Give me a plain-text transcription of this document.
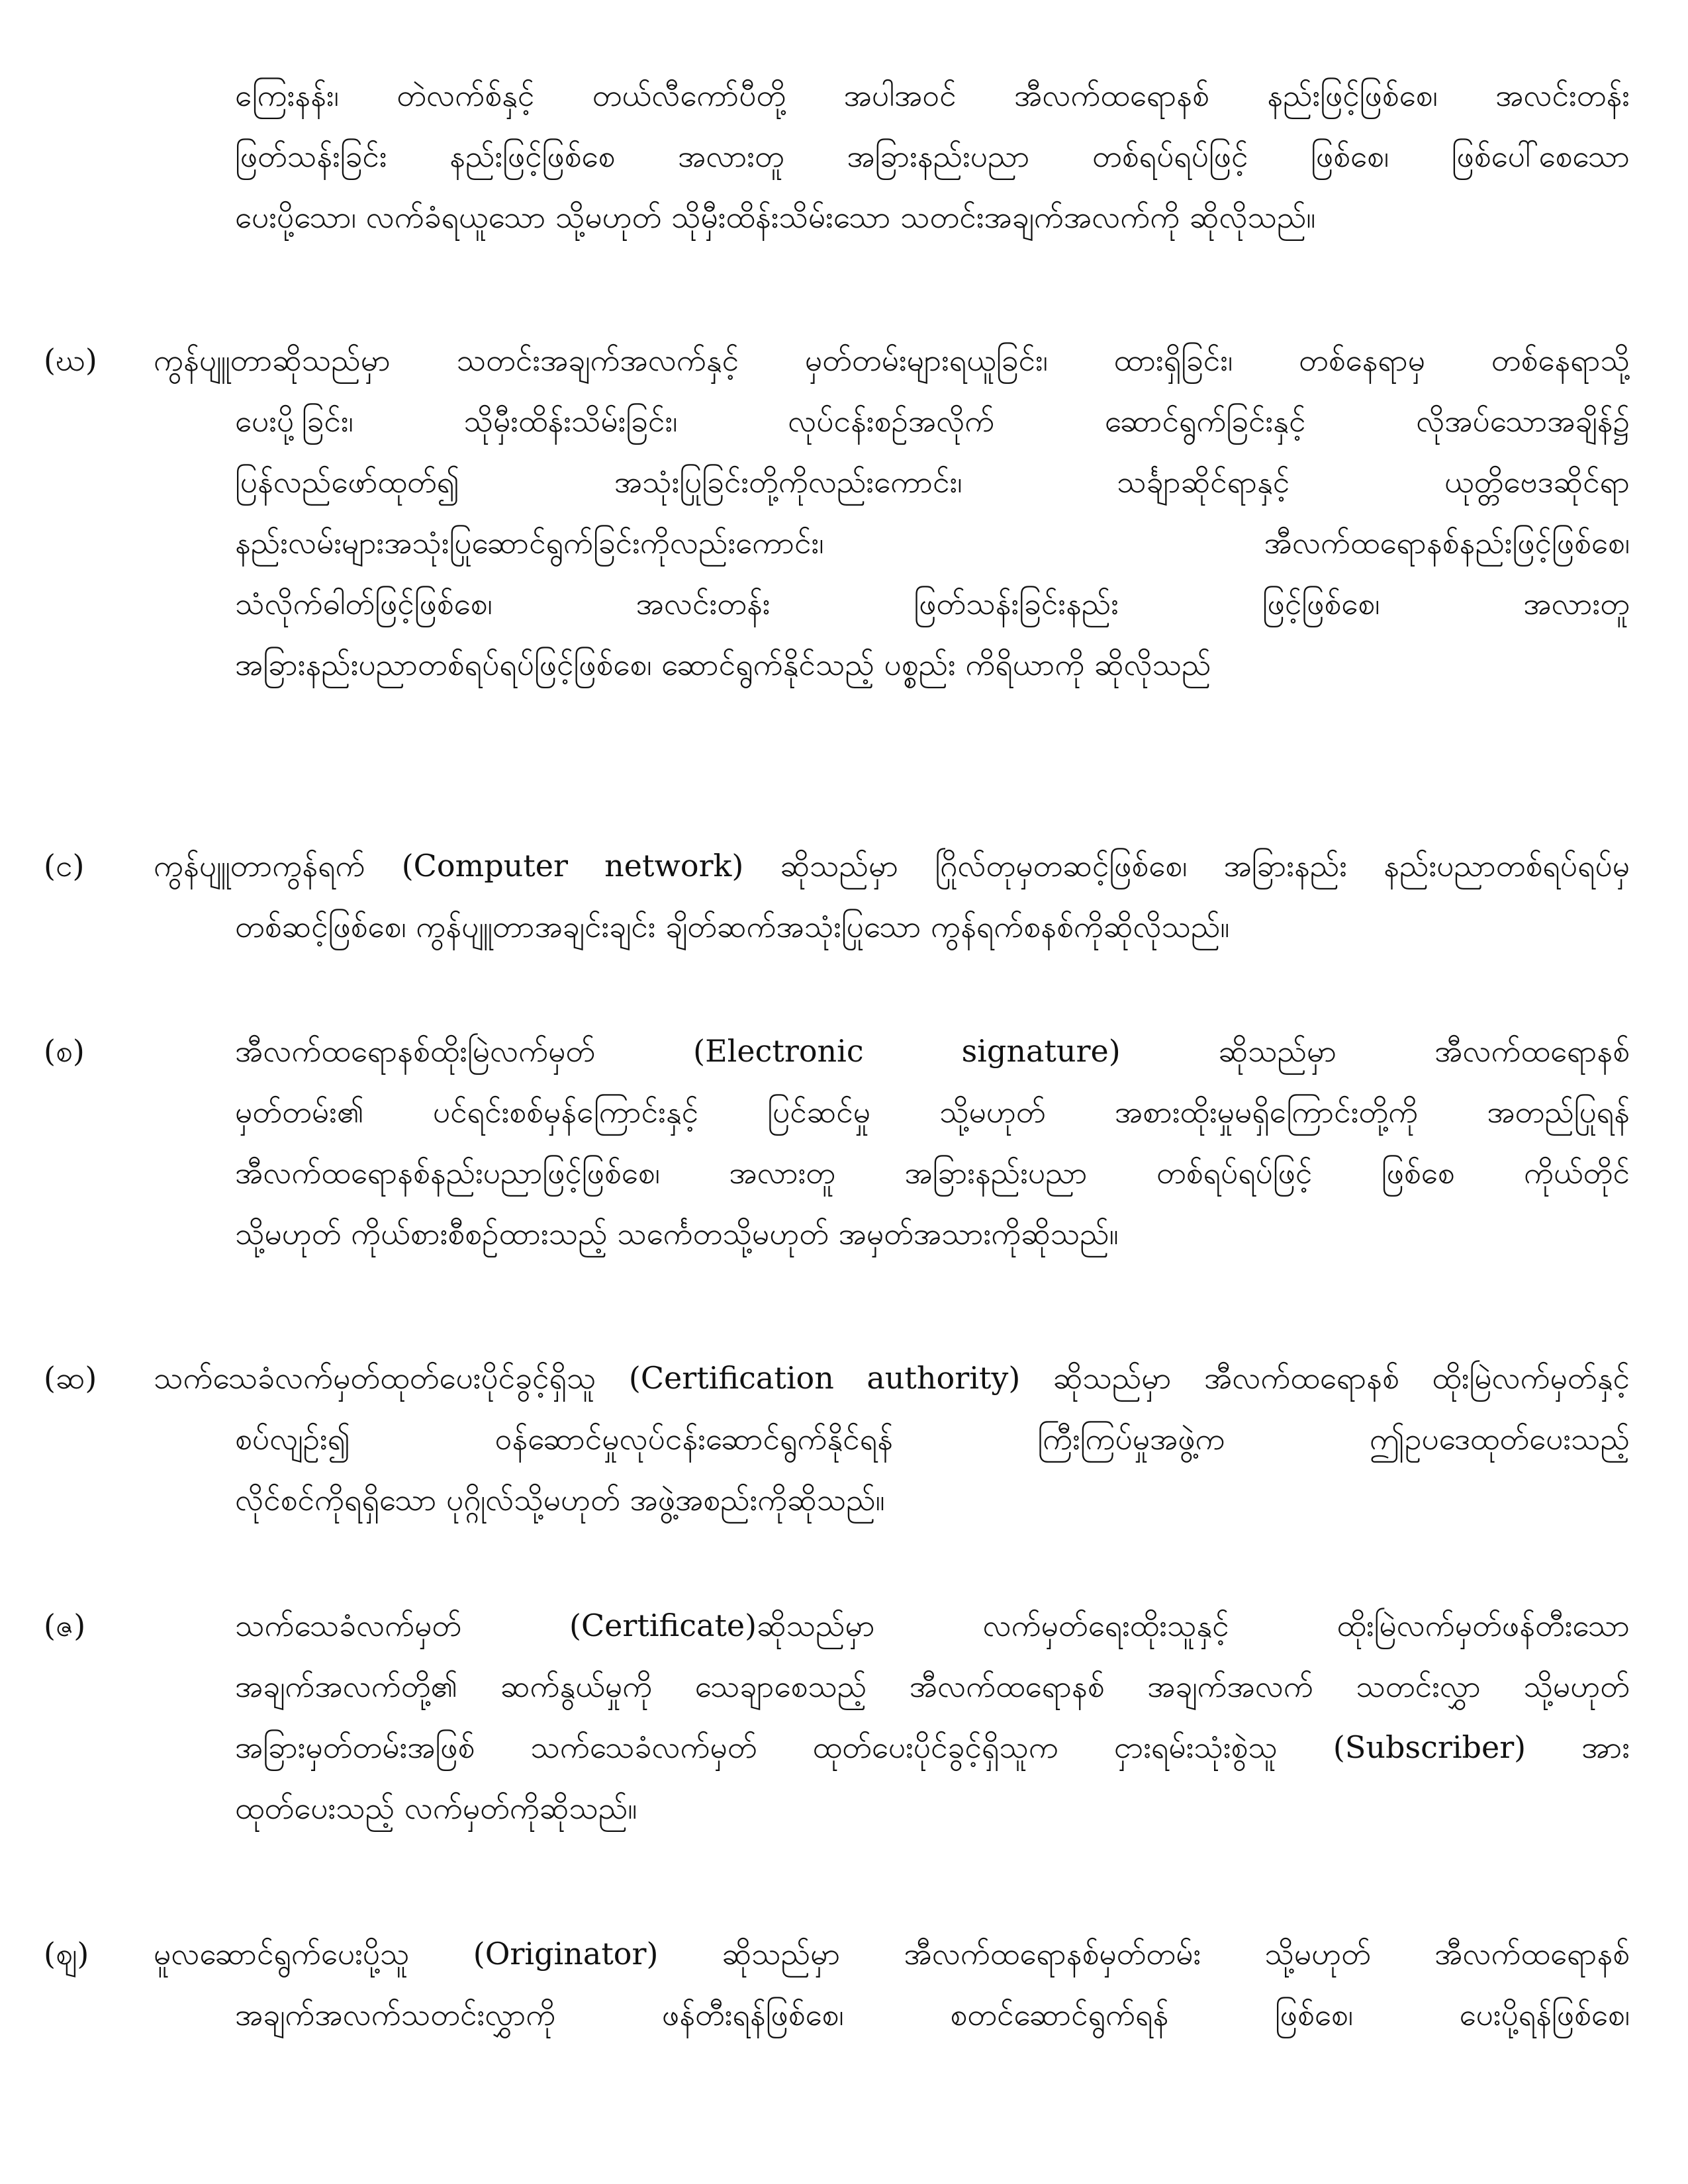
ကြေးနန်း၊ တဲလက်စ်နှင့် တယ်လီကော်ပီတို့ အပါအဝင် အီလက်ထရောနစ် နည်းဖြင့်ဖြစ်စေ၊ အလင်းတန်း
ဖြတ်သန်းခြင်း နည်းဖြင့်ဖြစ်စေ အလားတူ အခြားနည်းပညာ တစ်ရပ်ရပ်ဖြင့် ဖြစ်စေ၊ ဖြစ်ပေါ်စေသော
ပေးပို့သော၊ လက်ခံရယူသော သို့မဟုတ် သိုမှီးထိန်းသိမ်းသော သတင်းအချက်အလက်ကို ဆိုလိုသည်။
(ဃ) ကွန်ပျူတာဆိုသည်မှာ သတင်းအချက်အလက်နှင့် မှတ်တမ်းများရယူခြင်း၊ ထားရှိခြင်း၊ တစ်နေရာမှ တစ်နေရာသို့
ပေးပို့ခြင်း၊ သိုမှီးထိန်းသိမ်းခြင်း၊ လုပ်ငန်းစဉ်အလိုက် ဆောင်ရွက်ခြင်းနှင့် လိုအပ်သောအချိန်၌
ပြန်လည်ဖော်ထုတ်၍ အသုံးပြုခြင်းတို့ကိုလည်းကောင်း၊ သင်္ချာဆိုင်ရာနှင့် ယုတ္တိဗေဒဆိုင်ရာ
နည်းလမ်းများအသုံးပြုဆောင်ရွက်ခြင်းကိုလည်းကောင်း၊ အီလက်ထရောနစ်နည်းဖြင့်ဖြစ်စေ၊
သံလိုက်ဓါတ်ဖြင့်ဖြစ်စေ၊ အလင်းတန်း ဖြတ်သန်းခြင်းနည်း ဖြင့်ဖြစ်စေ၊ အလားတူ
အခြားနည်းပညာတစ်ရပ်ရပ်ဖြင့်ဖြစ်စေ၊ ဆောင်ရွက်နိုင်သည့် ပစ္စည်း ကိရိယာကို ဆိုလိုသည်
(င) ကွန်ပျူတာကွန်ရက် (Computer network) ဆိုသည်မှာ ဂြိုလ်တုမှတဆင့်ဖြစ်စေ၊ အခြားနည်း နည်းပညာတစ်ရပ်ရပ်မှ
တစ်ဆင့်ဖြစ်စေ၊ ကွန်ပျူတာအချင်းချင်း ချိတ်ဆက်အသုံးပြုသော ကွန်ရက်စနစ်ကိုဆိုလိုသည်။
(စ)	အီလက်ထရောနစ်ထိုးမြဲလက်မှတ် (Electronic signature) ဆိုသည်မှာ အီလက်ထရောနစ်
မှတ်တမ်း၏ ပင်ရင်းစစ်မှန်ကြောင်းနှင့် ပြင်ဆင်မှု သို့မဟုတ် အစားထိုးမှုမရှိကြောင်းတို့ကို အတည်ပြုရန်
အီလက်ထရောနစ်နည်းပညာဖြင့်ဖြစ်စေ၊ အလားတူ အခြားနည်းပညာ တစ်ရပ်ရပ်ဖြင့် ဖြစ်စေ ကိုယ်တိုင်
သို့မဟုတ် ကိုယ်စားစီစဉ်ထားသည့် သင်္ကေတသို့မဟုတ် အမှတ်အသားကိုဆိုသည်။
(ဆ) သက်သေခံလက်မှတ်ထုတ်ပေးပိုင်ခွင့်ရှိသူ (Certification authority) ဆိုသည်မှာ အီလက်ထရောနစ် ထိုးမြဲလက်မှတ်နှင့်
စပ်လျဉ်း၍ ဝန်ဆောင်မှုလုပ်ငန်းဆောင်ရွက်နိုင်ရန် ကြီးကြပ်မှုအဖွဲ့က ဤဥပဒေထုတ်ပေးသည့်
လိုင်စင်ကိုရရှိသော ပုဂ္ဂိုလ်သို့မဟုတ် အဖွဲ့အစည်းကိုဆိုသည်။
(ဇ)	သက်သေခံလက်မှတ် (Certificate)ဆိုသည်မှာ လက်မှတ်ရေးထိုးသူနှင့် ထိုးမြဲလက်မှတ်ဖန်တီးသော
အချက်အလက်တို့၏ ဆက်နွယ်မှုကို သေချာစေသည့် အီလက်ထရောနစ် အချက်အလက် သတင်းလွှာ သို့မဟုတ်
အခြားမှတ်တမ်းအဖြစ် သက်သေခံလက်မှတ် ထုတ်ပေးပိုင်ခွင့်ရှိသူက ငှားရမ်းသုံးစွဲသူ (Subscriber) အား
ထုတ်ပေးသည့် လက်မှတ်ကိုဆိုသည်။
(ဈ) မူလဆောင်ရွက်ပေးပို့သူ (Originator) ဆိုသည်မှာ အီလက်ထရောနစ်မှတ်တမ်း သို့မဟုတ် အီလက်ထရောနစ်
အချက်အလက်သတင်းလွှာကို ဖန်တီးရန်ဖြစ်စေ၊ စတင်ဆောင်ရွက်ရန် ဖြစ်စေ၊ ပေးပို့ရန်ဖြစ်စေ၊
